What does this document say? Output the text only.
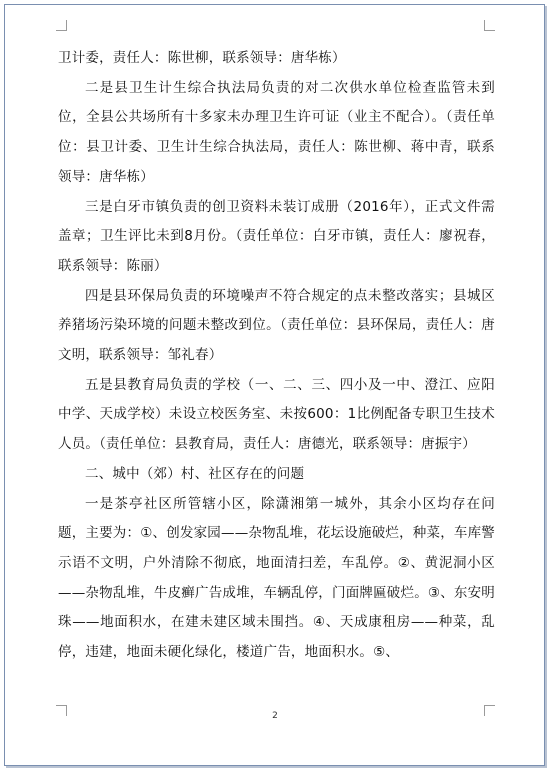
卫计委，责任人：陈世柳，联系领导：唐华栋）

二是县卫生计生综合执法局负责的对二次供水单位检查监管未到位，全县公共场所有十多家未办理卫生许可证（业主不配合）。（责任单位：县卫计委、卫生计生综合执法局，责任人：陈世柳、蒋中青，联系领导：唐华栋）

三是白牙市镇负责的创卫资料未装订成册（2016年），正式文件需盖章；卫生评比未到8月份。（责任单位：白牙市镇，责任人：廖祝春，联系领导：陈丽）

四是县环保局负责的环境噪声不符合规定的点未整改落实；县城区养猪场污染环境的问题未整改到位。（责任单位：县环保局，责任人：唐文明，联系领导：邹礼春）

五是县教育局负责的学校（一、二、三、四小及一中、澄江、应阳中学、天成学校）未设立校医务室、未按600：1比例配备专职卫生技术人员。（责任单位：县教育局，责任人：唐德光，联系领导：唐振宇）

二、城中（郊）村、社区存在的问题

一是茶亭社区所管辖小区，除潇湘第一城外，其余小区均存在问题，主要为：①、创发家园——杂物乱堆，花坛设施破烂，种菜，车库警示语不文明，户外清除不彻底，地面清扫差，车乱停。②、黄泥洞小区——杂物乱堆，牛皮癣广告成堆，车辆乱停，门面牌匾破烂。③、东安明珠——地面积水，在建未建区域未围挡。④、天成康租房——种菜，乱停，违建，地面未硬化绿化，楼道广告，地面积水。⑤、

2
